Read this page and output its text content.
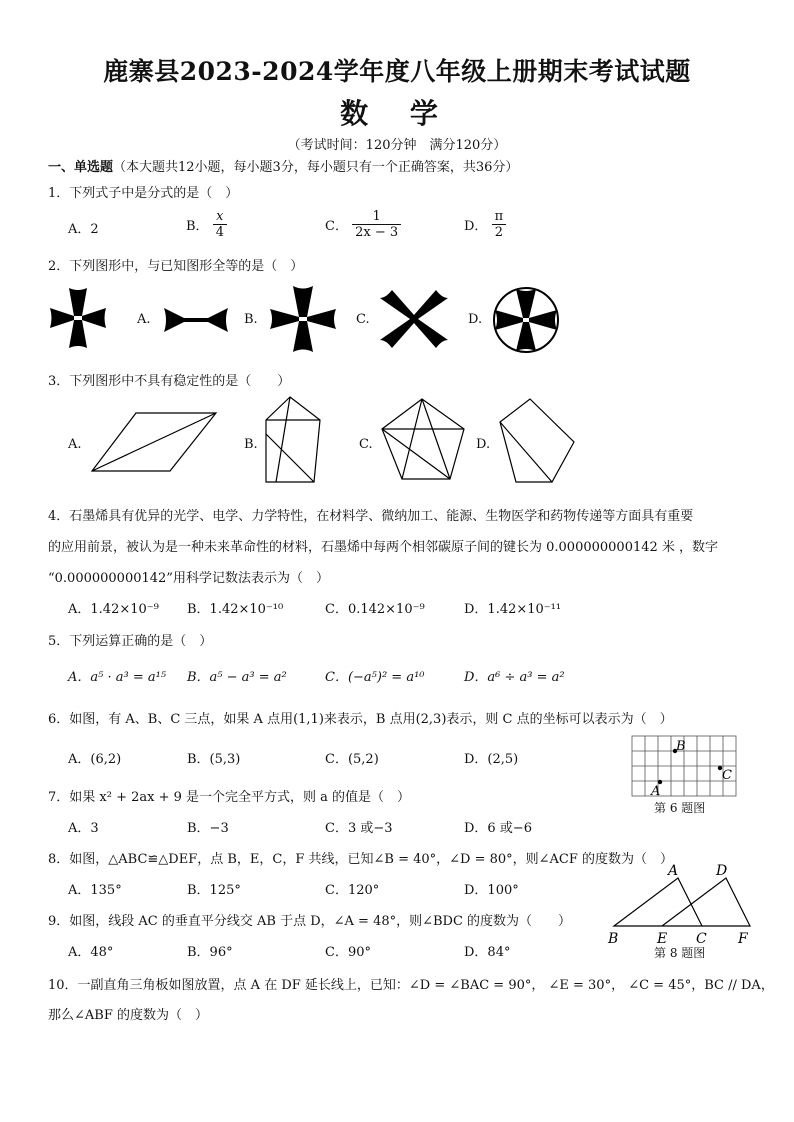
鹿寨县2023-2024学年度八年级上册期末考试试题
数 学
（考试时间：120分钟　满分120分）
一、单选题（本大题共12小题，每小题3分，每小题只有一个正确答案，共36分）
1．下列式子中是分式的是（　）
A．2	B． $\frac{x}{4}$	C． $\frac{1}{2x - 3}$	D． $\frac{\pi}{2}$
2．下列图形中，与已知图形全等的是（　）
A.	B.	C.	D.
3．下列图形中不具有稳定性的是（　　）
A.	B.	C.	D.
4．石墨烯具有优异的光学、电学、力学特性，在材料学、微纳加工、能源、生物医学和药物传递等方面具有重要
的应用前景，被认为是一种未来革命性的材料，石墨烯中每两个相邻碳原子间的键长为 0.000000000142 米 ，数字
“0.000000000142”用科学记数法表示为（　）
A．1.42×10⁻⁹ B．1.42×10⁻¹⁰	C．0.142×10⁻⁹	D．1.42×10⁻¹¹
5．下列运算正确的是（　）
A．a⁵ · a³ = a¹⁵ B．a⁵ − a³ = a²	C．(−a⁵)² = a¹⁰	D．a⁶ ÷ a³ = a²
6．如图，有 A、B、C 三点，如果 A 点用(1,1)来表示，B 点用(2,3)表示，则 C 点的坐标可以表示为（　）
A．(6,2)	B．(5,3)	C．(5,2)	D．(2,5)
A
B
C
第 6 题图
7．如果 x² + 2ax + 9 是一个完全平方式，则 a 的值是（　）
A．3	B．−3	C．3 或−3	D．6 或−6
8．如图，△ABC≌△DEF，点 B，E，C，F 共线，已知∠B = 40°，∠D = 80°，则∠ACF 的度数为（　）
A．135°	B．125°	C．120°	D．100°
A	D
B	E C F
第 8 题图
9．如图，线段 AC 的垂直平分线交 AB 于点 D，∠A = 48°，则∠BDC 的度数为（　　）
A．48°	B．96°	C．90°	D．84°
10．一副直角三角板如图放置，点 A 在 DF 延长线上，已知：∠D = ∠BAC = 90°， ∠E = 30°， ∠C = 45°，BC // DA，
那么∠ABF 的度数为（　）
